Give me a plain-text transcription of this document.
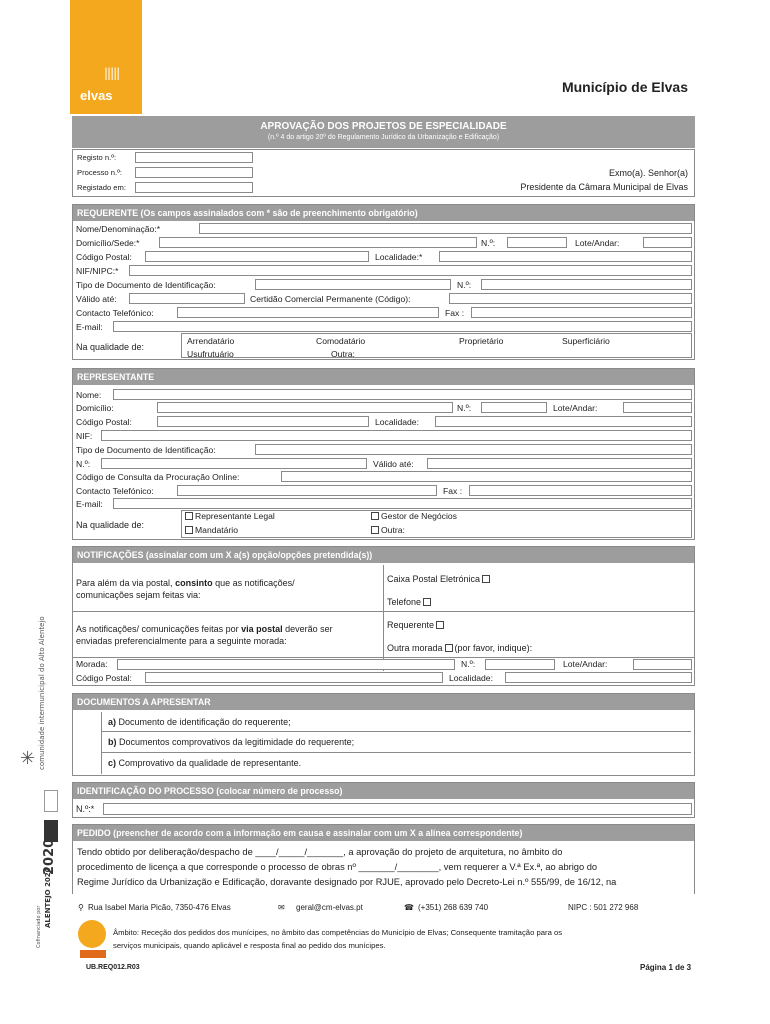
|||||
elvas
Município de Elvas
comunidade intermunicipal do Alto Alentejo
✳
2020
ALENTEJO 2020
Cofinanciado por
APROVAÇÃO DOS PROJETOS DE ESPECIALIDADE
(n.º 4 do artigo 20º do Regulamento Jurídico da Urbanização e Edificação)
Registo n.º:
Processo n.º:
Registado em:
Exmo(a). Senhor(a)
Presidente da Câmara Municipal de Elvas
REQUERENTE (Os campos assinalados com * são de preenchimento obrigatório)
Nome/Denominação:*
Domicílio/Sede:*	N.º:	Lote/Andar:
Código Postal:	Localidade:*
NIF/NIPC:*
Tipo de Documento de Identificação:	N.º:
Válido até:	Certidão Comercial Permanente (Código):
Contacto Telefónico:	Fax :
E-mail:
Na qualidade de:
Arrendatário	Comodatário	Proprietário	Superficiário
Usufrutuário	Outra:
REPRESENTANTE
Nome:
Domicílio:	N.º:	Lote/Andar:
Código Postal:	Localidade:
NIF:
Tipo de Documento de Identificação:
N.º:	Válido até:
Código de Consulta da Procuração Online:
Contacto Telefónico:	Fax :
E-mail:
Na qualidade de:
Representante Legal	Gestor de Negócios
Mandatário	Outra:
NOTIFICAÇÕES (assinalar com um X a(s) opção/opções pretendida(s))
Para além da via postal, consinto que as notificações/
comunicações sejam feitas via:
Caixa Postal Eletrónica
Telefone
As notificações/ comunicações feitas por via postal deverão ser
enviadas preferencialmente para a seguinte morada:
Requerente
Outra morada (por favor, indique):
Morada:	N.º:	Lote/Andar:
Código Postal:	Localidade:
DOCUMENTOS A APRESENTAR
a) Documento de identificação do requerente;
b) Documentos comprovativos da legitimidade do requerente;
c) Comprovativo da qualidade de representante.
IDENTIFICAÇÃO DO PROCESSO (colocar número de processo)
N.º:*
PEDIDO (preencher de acordo com a informação em causa e assinalar com um X a alínea correspondente)
Tendo obtido por deliberação/despacho de ____/_____/_______, a aprovação do projeto de arquitetura, no âmbito do
procedimento de licença a que corresponde o processo de obras nº _______/________, vem requerer a V.ª Ex.ª, ao abrigo do
Regime Jurídico da Urbanização e Edificação, doravante designado por RJUE, aprovado pelo Decreto-Lei n.º 555/99, de 16/12, na
⚲ Rua Isabel Maria Picão, 7350-476 Elvas	✉ geral@cm-elvas.pt	☎ (+351) 268 639 740	NIPC : 501 272 968
Âmbito: Receção dos pedidos dos munícipes, no âmbito das competências do Município de Elvas; Consequente tramitação para os
serviços municipais, quando aplicável e resposta final ao pedido dos munícipes.
UB.REQ012.R03	Página 1 de 3
